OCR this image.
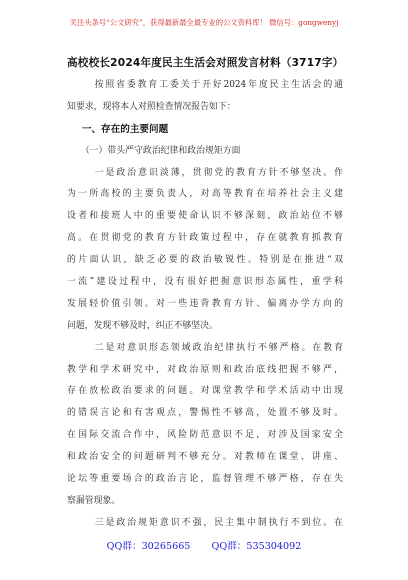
关注头条号“公文研究”，获得最新最全最专业的公文资料库！ 微信号：gongwenyj
高校校长2024年度民主生活会对照发言材料（3717字）
按照省委教育工委关于开好2024年度民主生活会的通
知要求，现将本人对照检查情况报告如下：
一、存在的主要问题
（一）带头严守政治纪律和政治规矩方面
一是政治意识淡薄，贯彻党的教育方针不够坚决。作
为一所高校的主要负责人，对高等教育在培养社会主义建
设者和接班人中的重要使命认识不够深刻，政治站位不够
高。在贯彻党的教育方针政策过程中，存在就教育抓教育
的片面认识，缺乏必要的政治敏锐性。特别是在推进“双
一流”建设过程中，没有很好把握意识形态属性，重学科
发展轻价值引领。对一些违背教育方针、偏离办学方向的
问题，发现不够及时，纠正不够坚决。
二是对意识形态领域政治纪律执行不够严格。在教育
教学和学术研究中，对政治原则和政治底线把握不够严，
存在放松政治要求的问题。对课堂教学和学术活动中出现
的错误言论和有害观点，警惕性不够高，处置不够及时。
在国际交流合作中，风险防范意识不足，对涉及国家安全
和政治安全的问题研判不够充分。对教师在课堂、讲座、
论坛等重要场合的政治言论，监督管理不够严格，存在失
察漏管现象。
三是政治规矩意识不强，民主集中制执行不到位。在
QQ群：30265665 QQ群：535304092
